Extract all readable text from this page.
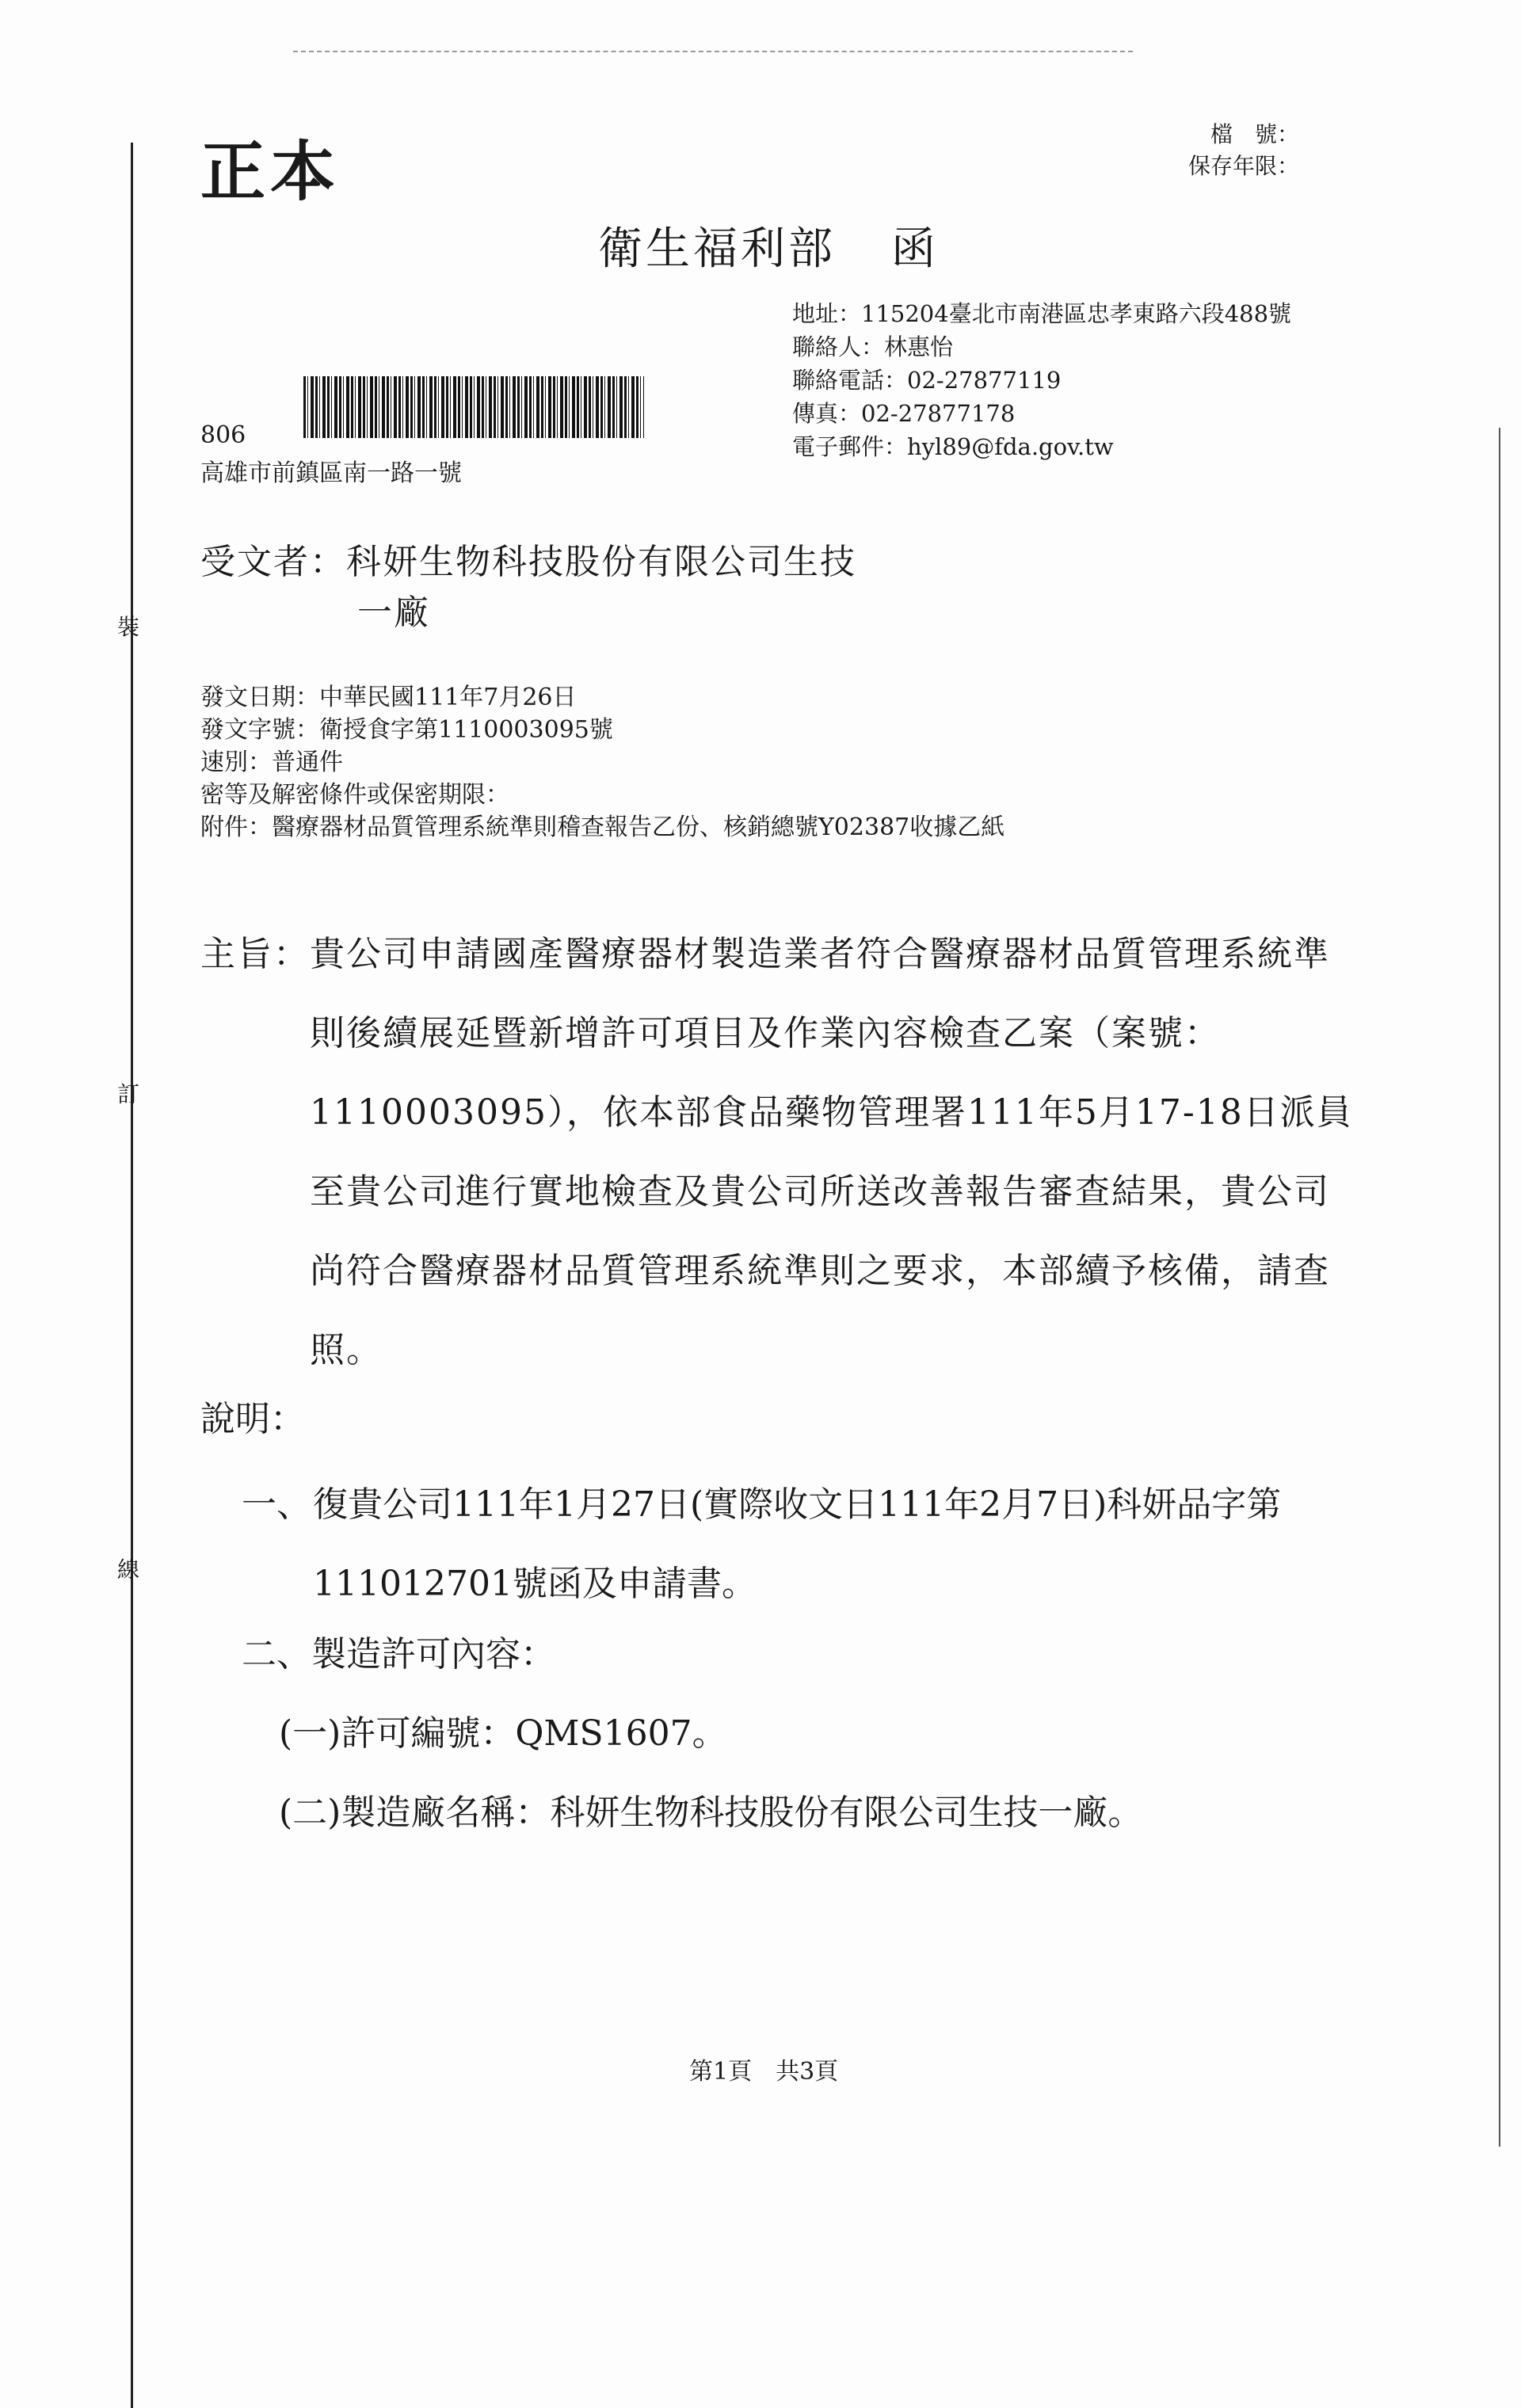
裝
訂
線
正本	檔　號：
保存年限：
衛生福利部 函
地址：115204臺北市南港區忠孝東路六段488號
聯絡人：林惠怡
聯絡電話：02-27877119
傳真：02-27877178
電子郵件：hyl89@fda.gov.tw
806
高雄市前鎮區南一路一號
受文者：科妍生物科技股份有限公司生技
一廠
發文日期：中華民國111年7月26日
發文字號：衛授食字第1110003095號
速別：普通件
密等及解密條件或保密期限：
附件：醫療器材品質管理系統準則稽查報告乙份、核銷總號Y02387收據乙紙
主旨： 貴公司申請國產醫療器材製造業者符合醫療器材品質管理系統準則後續展延暨新增許可項目及作業內容檢查乙案（案號：1110003095），依本部食品藥物管理署111年5月17-18日派員至貴公司進行實地檢查及貴公司所送改善報告審查結果，貴公司尚符合醫療器材品質管理系統準則之要求，本部續予核備，請查照。
說明：
一、 復貴公司111年1月27日(實際收文日111年2月7日)科妍品字第111012701號函及申請書。
二、製造許可內容：
(一)許可編號：QMS1607。
(二)製造廠名稱：科妍生物科技股份有限公司生技一廠。
第1頁　共3頁
